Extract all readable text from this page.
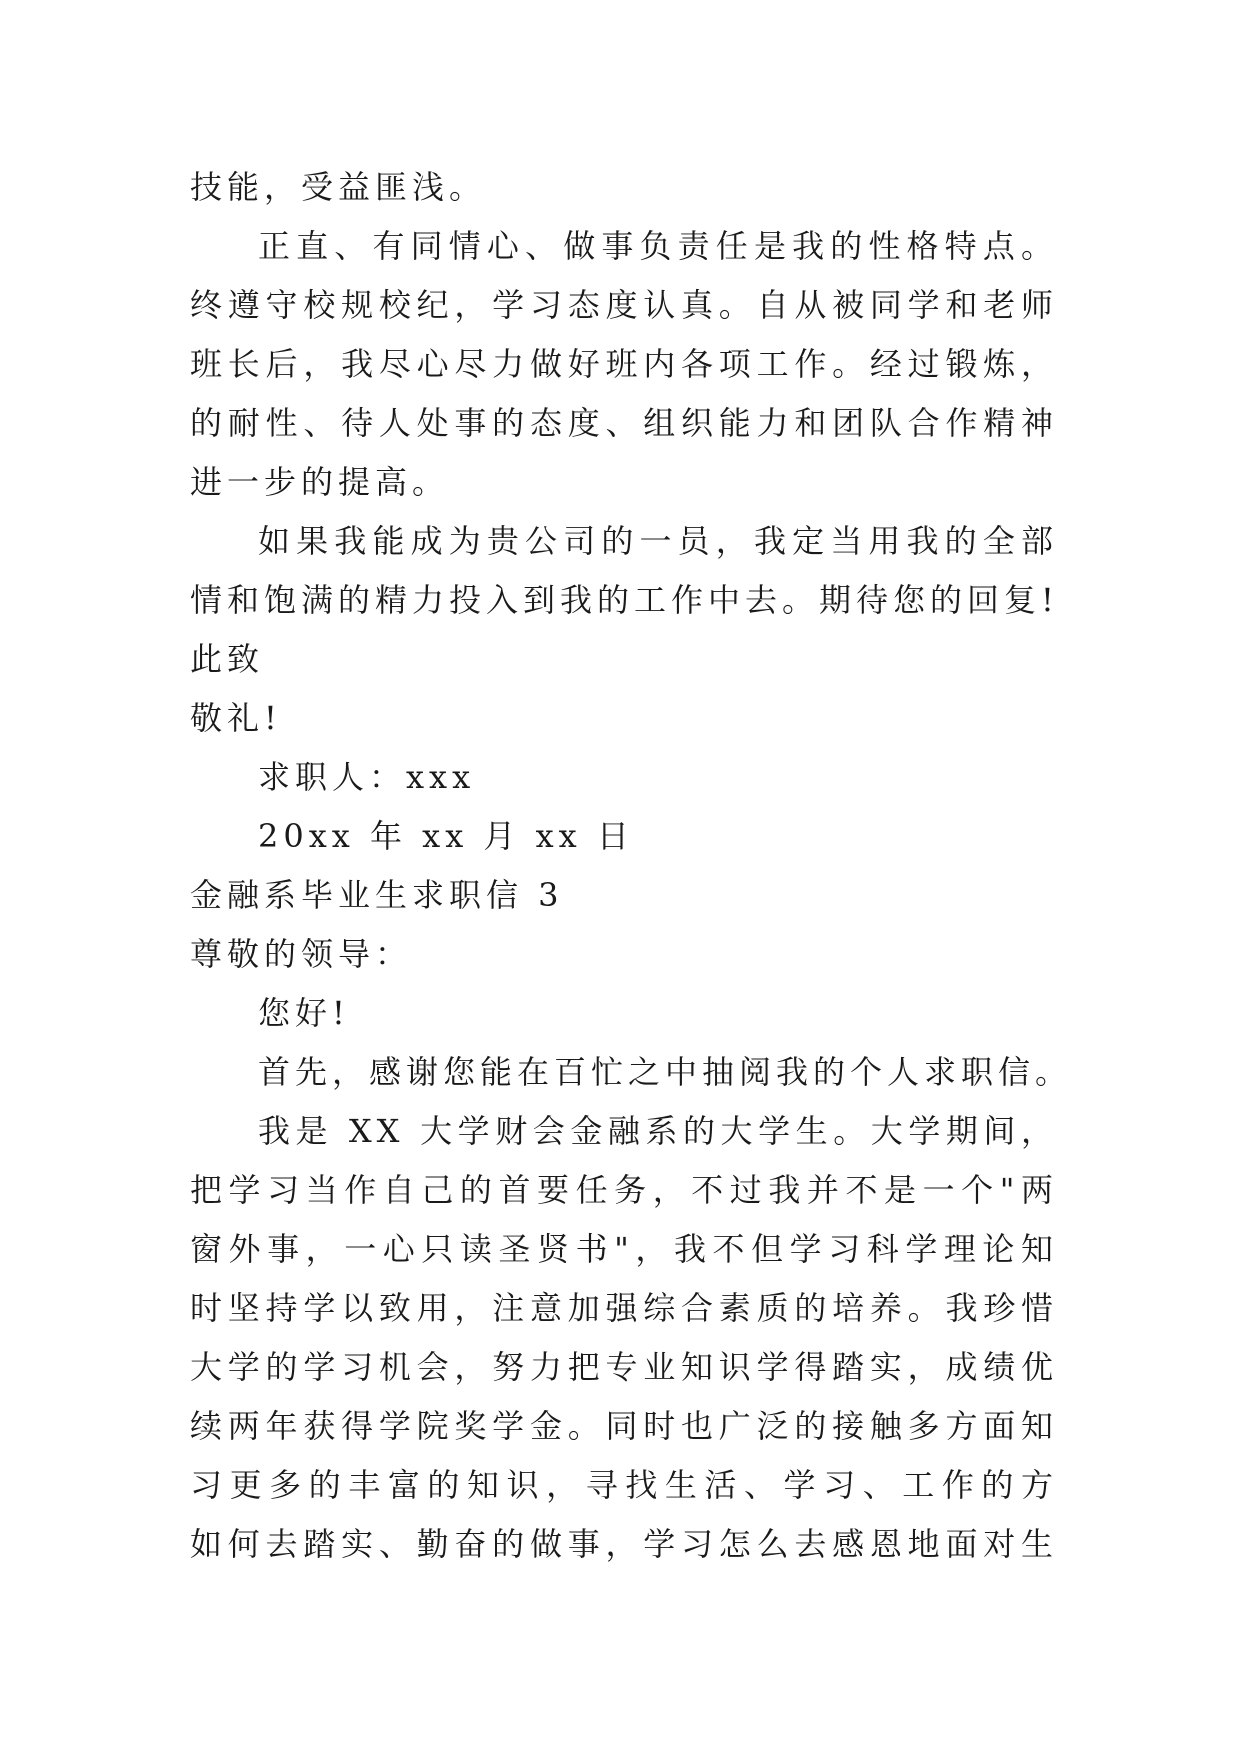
技能，受益匪浅。
正直、有同情心、做事负责任是我的性格特点。
终遵守校规校纪，学习态度认真。自从被同学和老师
班长后，我尽心尽力做好班内各项工作。经过锻炼，
的耐性、待人处事的态度、组织能力和团队合作精神
进一步的提高。
如果我能成为贵公司的一员，我定当用我的全部
情和饱满的精力投入到我的工作中去。期待您的回复!
此致
敬礼!
求职人：xxx
20xx 年 xx 月 xx 日
金融系毕业生求职信 3
尊敬的领导：
您好!
首先，感谢您能在百忙之中抽阅我的个人求职信。
我是 XX 大学财会金融系的大学生。大学期间，
把学习当作自己的首要任务，不过我并不是一个"两
窗外事，一心只读圣贤书"，我不但学习科学理论知
时坚持学以致用，注意加强综合素质的培养。我珍惜
大学的学习机会，努力把专业知识学得踏实，成绩优
续两年获得学院奖学金。同时也广泛的接触多方面知
习更多的丰富的知识，寻找生活、学习、工作的方
如何去踏实、勤奋的做事，学习怎么去感恩地面对生
